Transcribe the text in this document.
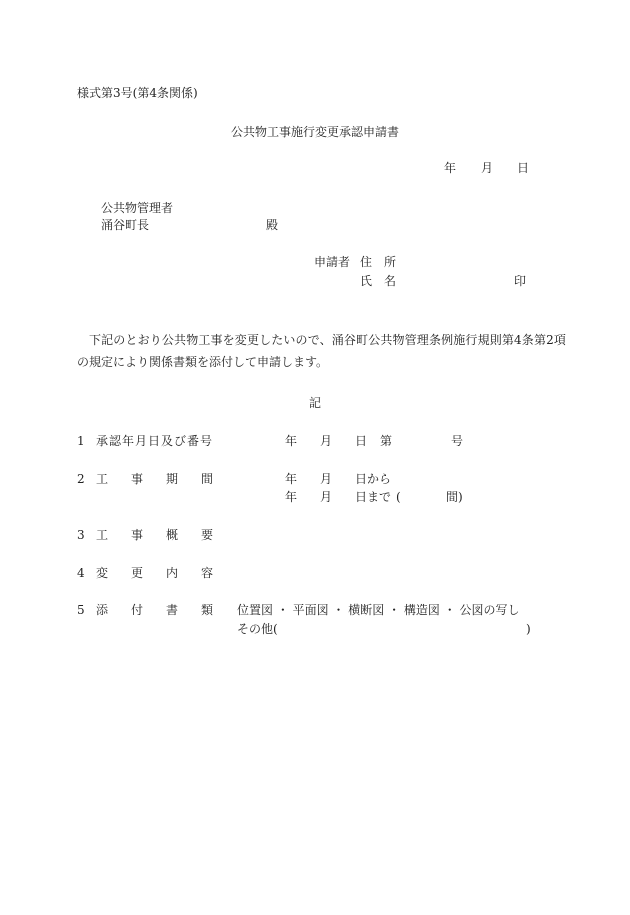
様式第3号(第4条関係)
公共物工事施行変更承認申請書
年 月 日
公共物管理者
涌谷町長	殿
申請者 住　所
氏　名	印
下記のとおり公共物工事を変更したいので、涌谷町公共物管理条例施行規則第4条第2項
の規定により関係書類を添付して申請します。
記
1 承認年月日及び番号	年 月 日 第	号
2 工 事 期 間	年 月 日から
年 月 日まで (	間)
3 工 事 概 要
4 変 更 内 容
5 添 付 書 類 位置図 ・ 平面図 ・ 横断図 ・ 構造図 ・ 公図の写し
その他(	)
